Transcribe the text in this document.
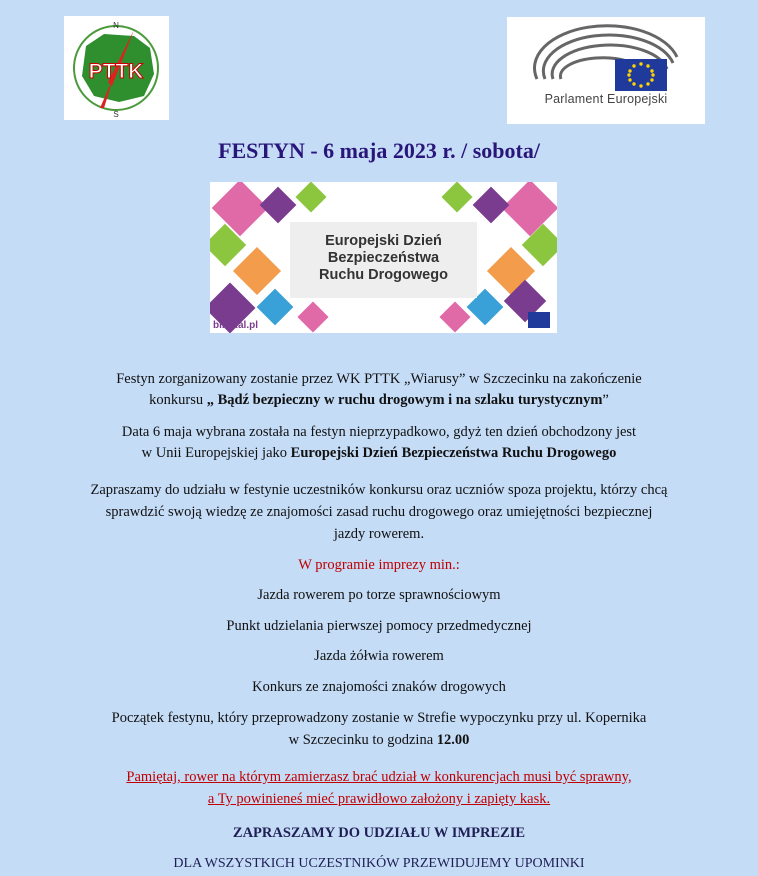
N
S
PTTK
Parlament Europejski
FESTYN - 6 maja 2023 r. / sobota/
Europejski Dzień
Bezpieczeństwa
Ruchu Drogowego
bimKal.pl
Festyn zorganizowany zostanie przez WK PTTK „Wiarusy” w Szczecinku na zakończenie
konkursu „ Bądź bezpieczny w ruchu drogowym i na szlaku turystycznym”
Data 6 maja wybrana została na festyn nieprzypadkowo, gdyż ten dzień obchodzony jest
w Unii Europejskiej jako Europejski Dzień Bezpieczeństwa Ruchu Drogowego
Zapraszamy do udziału w festynie uczestników konkursu oraz uczniów spoza projektu, którzy chcą
sprawdzić swoją wiedzę ze znajomości zasad ruchu drogowego oraz umiejętności bezpiecznej
jazdy rowerem.
W programie imprezy min.:
Jazda rowerem po torze sprawnościowym
Punkt udzielania pierwszej pomocy przedmedycznej
Jazda żółwia rowerem
Konkurs ze znajomości znaków drogowych
Początek festynu, który przeprowadzony zostanie w Strefie wypoczynku przy ul. Kopernika
w Szczecinku to godzina 12.00
Pamiętaj, rower na którym zamierzasz brać udział w konkurencjach musi być sprawny,
a Ty powinieneś mieć prawidłowo założony i zapięty kask.
ZAPRASZAMY DO UDZIAŁU W IMPREZIE
DLA WSZYSTKICH UCZESTNIKÓW PRZEWIDUJEMY UPOMINKI
